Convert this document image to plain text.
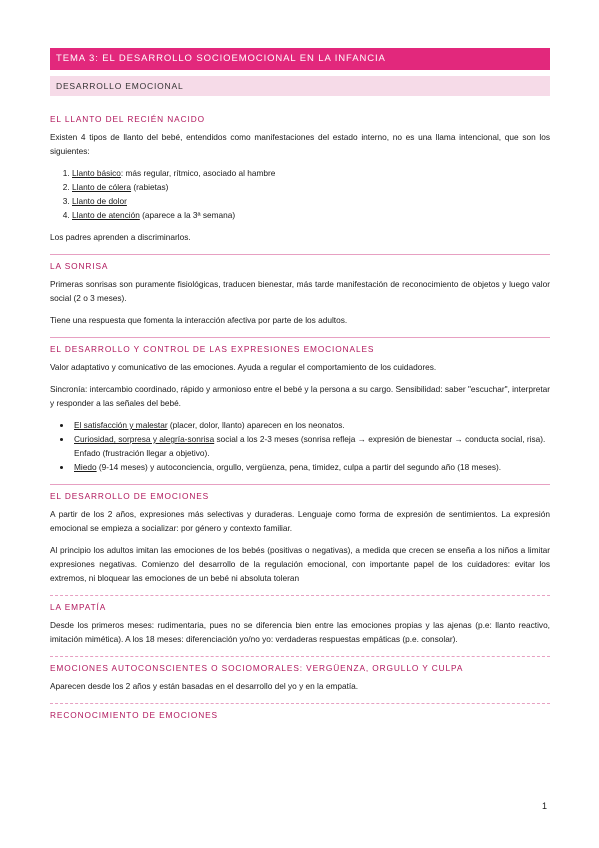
TEMA 3: EL DESARROLLO SOCIOEMOCIONAL EN LA INFANCIA
DESARROLLO EMOCIONAL
EL LLANTO DEL RECIÉN NACIDO

Existen 4 tipos de llanto del bebé, entendidos como manifestaciones del estado interno, no es una llama intencional, que son los siguientes:

1. Llanto básico: más regular, rítmico, asociado al hambre
2. Llanto de cólera (rabietas)
3. Llanto de dolor
4. Llanto de atención (aparece a la 3ª semana)

Los padres aprenden a discriminarlos.

LA SONRISA

Primeras sonrisas son puramente fisiológicas, traducen bienestar, más tarde manifestación de reconocimiento de objetos y luego valor social (2 o 3 meses).

Tiene una respuesta que fomenta la interacción afectiva por parte de los adultos.

EL DESARROLLO Y CONTROL DE LAS EXPRESIONES EMOCIONALES

Valor adaptativo y comunicativo de las emociones. Ayuda a regular el comportamiento de los cuidadores.

Sincronía: intercambio coordinado, rápido y armonioso entre el bebé y la persona a su cargo. Sensibilidad: saber "escuchar", interpretar y responder a las señales del bebé.

• El satisfacción y malestar (placer, dolor, llanto) aparecen en los neonatos.
• Curiosidad, sorpresa y alegría-sonrisa social a los 2-3 meses (sonrisa refleja → expresión de bienestar → conducta social, risa). Enfado (frustración llegar a objetivo).
• Miedo (9-14 meses) y autoconciencia, orgullo, vergüenza, pena, timidez, culpa a partir del segundo año (18 meses).
EL DESARROLLO DE EMOCIONES

A partir de los 2 años, expresiones más selectivas y duraderas. Lenguaje como forma de expresión de sentimientos. La expresión emocional se empieza a socializar: por género y contexto familiar.

Al principio los adultos imitan las emociones de los bebés (positivas o negativas), a medida que crecen se enseña a los niños a limitar expresiones negativas. Comienzo del desarrollo de la regulación emocional, con importante papel de los cuidadores: evitar los extremos, ni bloquear las emociones de un bebé ni absoluta toleran

LA EMPATÍA

Desde los primeros meses: rudimentaria, pues no se diferencia bien entre las emociones propias y las ajenas (p.e: llanto reactivo, imitación mimética). A los 18 meses: diferenciación yo/no yo: verdaderas respuestas empáticas (p.e. consolar).

EMOCIONES AUTOCONSCIENTES O SOCIOMORALES: VERGÜENZA, ORGULLO Y CULPA

Aparecen desde los 2 años y están basadas en el desarrollo del yo y en la empatía.

RECONOCIMIENTO DE EMOCIONES
1
